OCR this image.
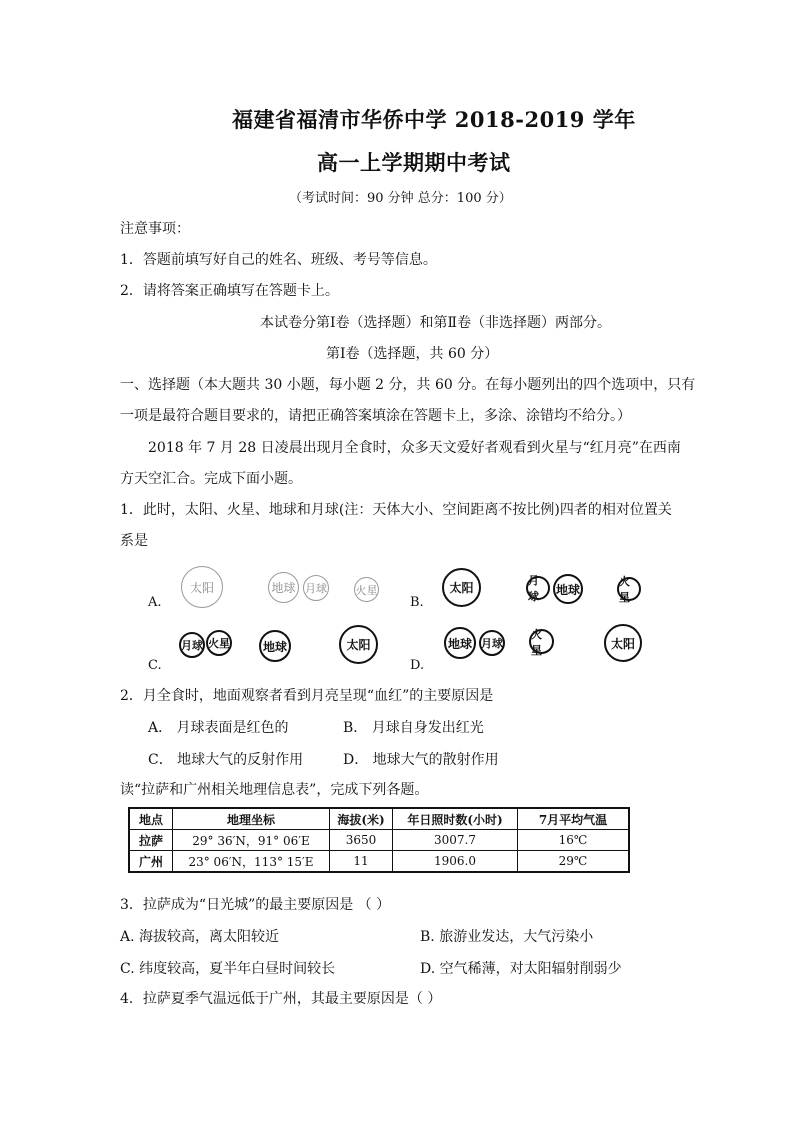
福建省福清市华侨中学 2018-2019 学年
高一上学期期中考试
（考试时间：90 分钟 总分：100 分）
注意事项：
1．答题前填写好自己的姓名、班级、考号等信息。
2．请将答案正确填写在答题卡上。
本试卷分第Ⅰ卷（选择题）和第Ⅱ卷（非选择题）两部分。
第Ⅰ卷（选择题，共 60 分）
一、选择题（本大题共 30 小题，每小题 2 分，共 60 分。在每小题列出的四个选项中，只有
一项是最符合题目要求的，请把正确答案填涂在答题卡上，多涂、涂错均不给分。）
2018 年 7 月 28 日凌晨出现月全食时，众多天文爱好者观看到火星与“红月亮”在西南
方天空汇合。完成下面小题。
1．此时，太阳、火星、地球和月球(注：天体大小、空间距离不按比例)四者的相对位置关
系是
A.
太阳	地球 月球	火星
B.
太阳
月球	地球
火星
C.
月球 火星	地球	太阳
D.
地球 月球
火星	太阳
2．月全食时，地面观察者看到月亮呈现“血红”的主要原因是
A． 月球表面是红色的	B． 月球自身发出红光
C． 地球大气的反射作用	D． 地球大气的散射作用
读“拉萨和广州相关地理信息表”，完成下列各题。
地点	地理坐标	海拔(米)	年日照时数(小时)	7月平均气温
拉萨	29° 36′N，91° 06′E	3650	3007.7	16℃
广州	23° 06′N，113° 15′E	11	1906.0	29℃
3．拉萨成为“日光城”的最主要原因是 （ ）
A. 海拔较高，离太阳较近	B. 旅游业发达，大气污染小
C. 纬度较高，夏半年白昼时间较长	D. 空气稀薄，对太阳辐射削弱少
4．拉萨夏季气温远低于广州，其最主要原因是（ ）
